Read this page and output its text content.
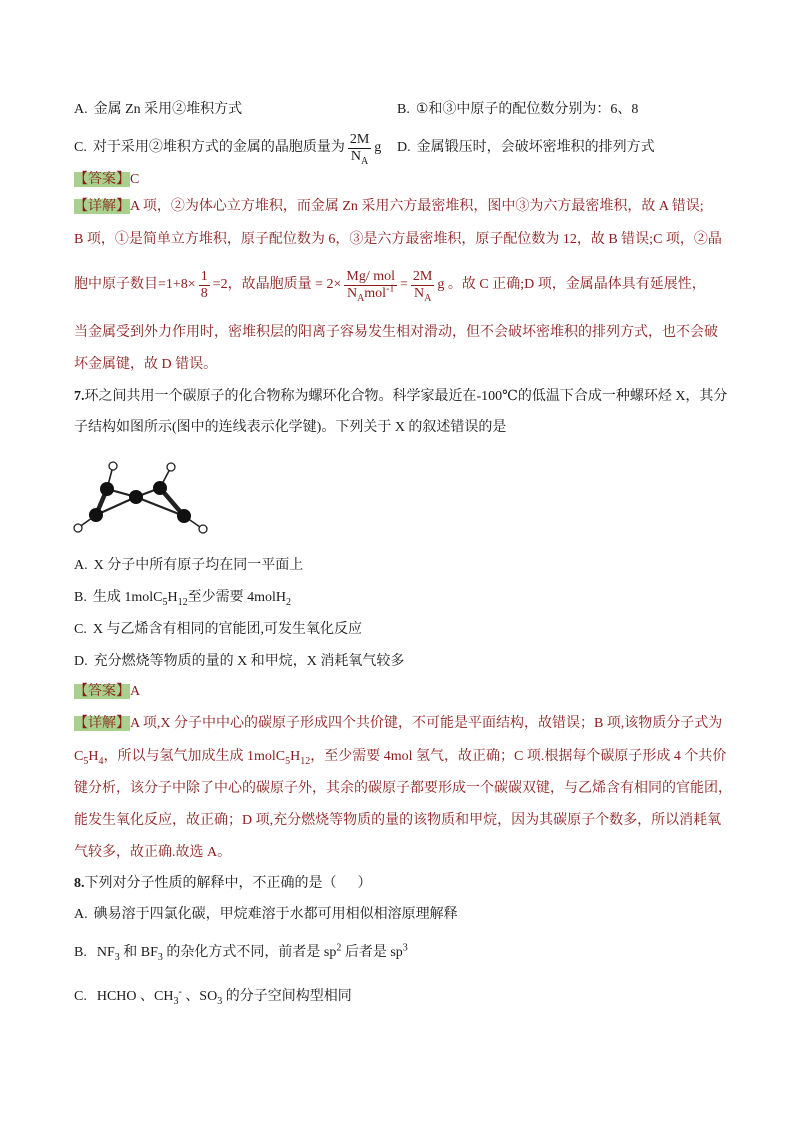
A. 金属 Zn 采用②堆积方式	B. ①和③中原子的配位数分别为：6、8
C. 对于采用②堆积方式的金属的晶胞质量为 $\frac{2M}{N_A}$ g D. 金属锻压时，会破坏密堆积的排列方式
【答案】C
【详解】A 项，②为体心立方堆积，而金属 Zn 采用六方最密堆积，图中③为六方最密堆积，故 A 错误;
B 项，①是简单立方堆积，原子配位数为 6，③是六方最密堆积，原子配位数为 12，故 B 错误;C 项，②晶
胞中原子数目$=1+8\times \frac{1}{8} =2$，故晶胞质量 = $2\times \frac{\text{Mg/ mol}}{N_Amol^{-1}} = \frac{2M}{N_A}$ g 。故 C 正确;D 项，金属晶体具有延展性，
当金属受到外力作用时，密堆积层的阳离子容易发生相对滑动，但不会破坏密堆积的排列方式，也不会破
坏金属键，故 D 错误。
7.环之间共用一个碳原子的化合物称为螺环化合物。科学家最近在-100℃的低温下合成一种螺环烃 X，其分
子结构如图所示(图中的连线表示化学键)。下列关于 X 的叙述错误的是
A. X 分子中所有原子均在同一平面上
B. 生成 $1molC_5H_{12}$至少需要 4molH$_2$
C. X 与乙烯含有相同的官能团,可发生氧化反应
D. 充分燃烧等物质的量的 X 和甲烷，X 消耗氧气较多
【答案】A
【详解】A 项,X 分子中中心的碳原子形成四个共价键，不可能是平面结构，故错误；B 项,该物质分子式为
$C_5H_4$，所以与氢气加成生成 $1molC_5H_{12}$，至少需要 4mol 氢气，故正确；C 项.根据每个碳原子形成 4 个共价
键分析，该分子中除了中心的碳原子外，其余的碳原子都要形成一个碳碳双键，与乙烯含有相同的官能团，
能发生氧化反应，故正确；D 项,充分燃烧等物质的量的该物质和甲烷，因为其碳原子个数多，所以消耗氧
气较多，故正确.故选 A。
8.下列对分子性质的解释中，不正确的是（      ）
A. 碘易溶于四氯化碳，甲烷难溶于水都可用相似相溶原理解释
B. $NF_3$ 和 $BF_3$ 的杂化方式不同，前者是 $sp^2$ 后者是 $sp^3$
C. HCHO 、$CH_3^-$ 、$SO_3$ 的分子空间构型相同
